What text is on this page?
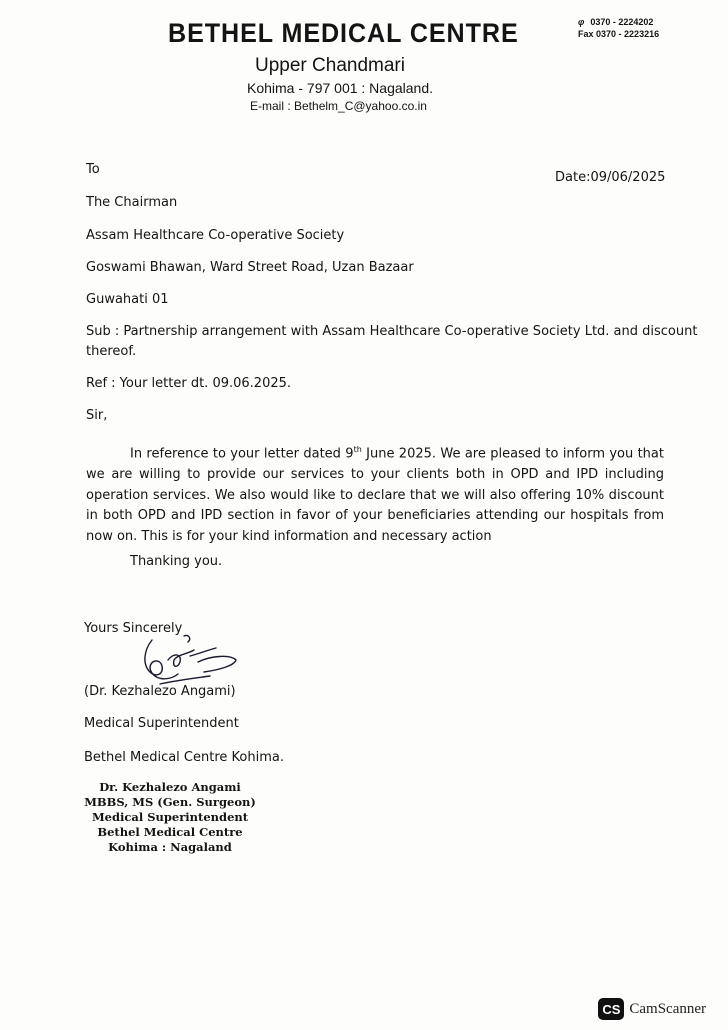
BETHEL MEDICAL CENTRE	φ 0370 - 2224202
Fax 0370 - 2223216
Upper Chandmari
Kohima - 797 001 : Nagaland.
E-mail : Bethelm_C@yahoo.co.in
To
Date:09/06/2025
The Chairman
Assam Healthcare Co-operative Society
Goswami Bhawan, Ward Street Road, Uzan Bazaar
Guwahati 01
Sub : Partnership arrangement with Assam Healthcare Co-operative Society Ltd. and discount
thereof.
Ref : Your letter dt. 09.06.2025.
Sir,
In reference to your letter dated 9th June 2025. We are pleased to inform you that we are willing to provide our services to your clients both in OPD and IPD including operation services. We also would like to declare that we will also offering 10% discount in both OPD and IPD section in favor of your beneficiaries attending our hospitals from now on. This is for your kind information and necessary action
Thanking you.
Yours Sincerely
(Dr. Kezhalezo Angami)
Medical Superintendent
Bethel Medical Centre Kohima.
Dr. Kezhalezo Angami
MBBS, MS (Gen. Surgeon)
Medical Superintendent
Bethel Medical Centre
Kohima : Nagaland
CS CamScanner
